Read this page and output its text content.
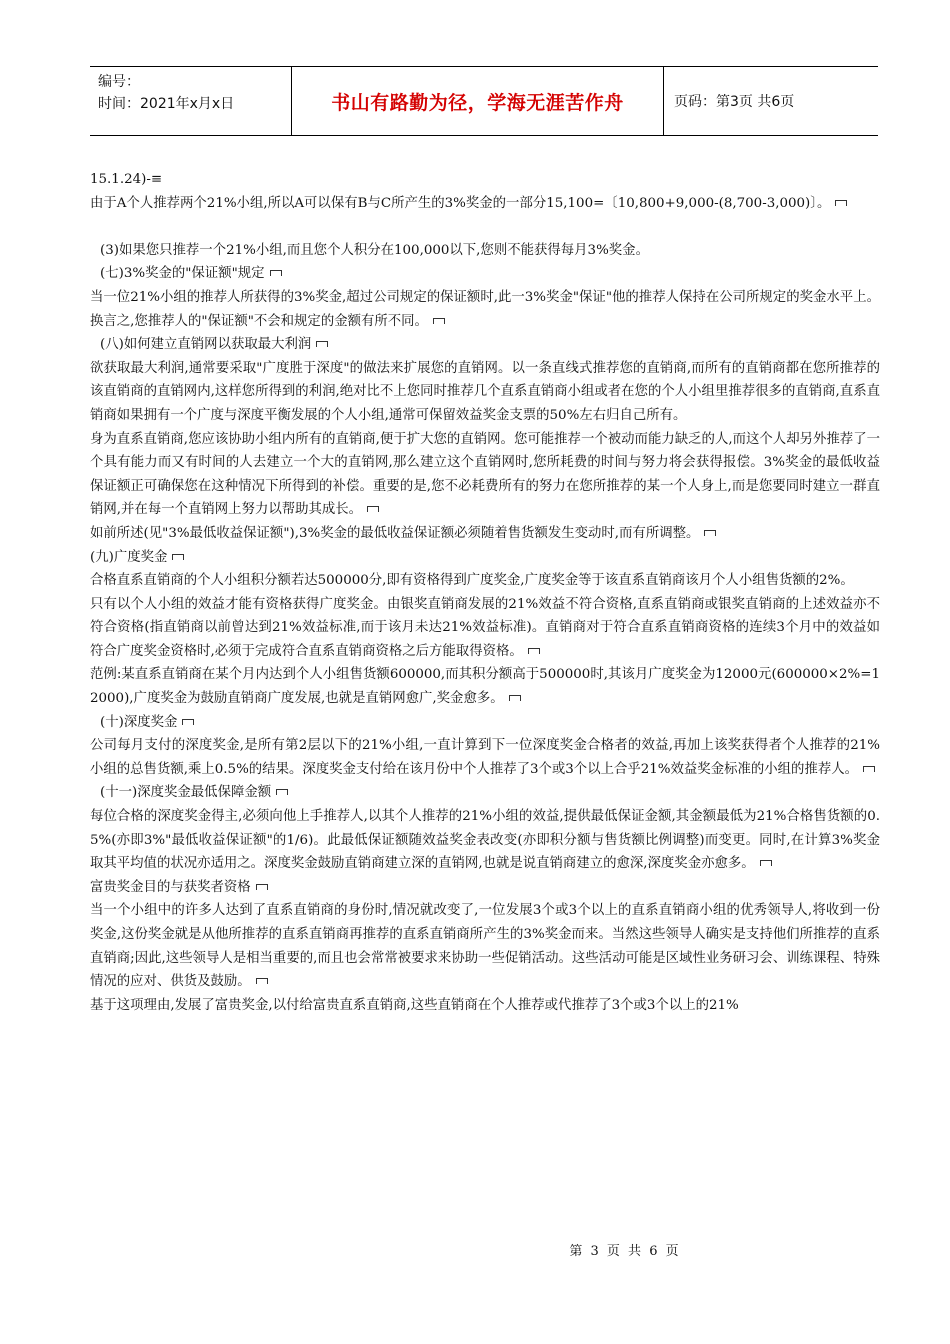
编号：
时间：2021年x月x日	书山有路勤为径，学海无涯苦作舟	页码：第3页 共6页

15.1.24)-≡

由于A个人推荐两个21%小组,所以A可以保有B与C所产生的3%奖金的一部分15,100=〔10,800+9,000-(8,700-3,000)〕。

(3)如果您只推荐一个21%小组,而且您个人积分在100,000以下,您则不能获得每月3%奖金。

(七)3%奖金的"保证额"规定

当一位21%小组的推荐人所获得的3%奖金,超过公司规定的保证额时,此一3%奖金"保证"他的推荐人保持在公司所规定的奖金水平上。换言之,您推荐人的"保证额"不会和规定的金额有所不同。

(八)如何建立直销网以获取最大利润

欲获取最大利润,通常要采取"广度胜于深度"的做法来扩展您的直销网。以一条直线式推荐您的直销商,而所有的直销商都在您所推荐的该直销商的直销网内,这样您所得到的利润,绝对比不上您同时推荐几个直系直销商小组或者在您的个人小组里推荐很多的直销商,直系直销商如果拥有一个广度与深度平衡发展的个人小组,通常可保留效益奖金支票的50%左右归自己所有。

身为直系直销商,您应该协助小组内所有的直销商,便于扩大您的直销网。您可能推荐一个被动而能力缺乏的人,而这个人却另外推荐了一个具有能力而又有时间的人去建立一个大的直销网,那么建立这个直销网时,您所耗费的时间与努力将会获得报偿。3%奖金的最低收益保证额正可确保您在这种情况下所得到的补偿。重要的是,您不必耗费所有的努力在您所推荐的某一个人身上,而是您要同时建立一群直销网,并在每一个直销网上努力以帮助其成长。

如前所述(见"3%最低收益保证额"),3%奖金的最低收益保证额必须随着售货额发生变动时,而有所调整。

(九)广度奖金

合格直系直销商的个人小组积分额若达500000分,即有资格得到广度奖金,广度奖金等于该直系直销商该月个人小组售货额的2%。

只有以个人小组的效益才能有资格获得广度奖金。由银奖直销商发展的21%效益不符合资格,直系直销商或银奖直销商的上述效益亦不符合资格(指直销商以前曾达到21%效益标准,而于该月未达21%效益标准)。直销商对于符合直系直销商资格的连续3个月中的效益如符合广度奖金资格时,必须于完成符合直系直销商资格之后方能取得资格。

范例:某直系直销商在某个月内达到个人小组售货额600000,而其积分额高于500000时,其该月广度奖金为12000元(600000×2%=12000),广度奖金为鼓励直销商广度发展,也就是直销网愈广,奖金愈多。

(十)深度奖金

公司每月支付的深度奖金,是所有第2层以下的21%小组,一直计算到下一位深度奖金合格者的效益,再加上该奖获得者个人推荐的21%小组的总售货额,乘上0.5%的结果。深度奖金支付给在该月份中个人推荐了3个或3个以上合乎21%效益奖金标准的小组的推荐人。

(十一)深度奖金最低保障金额

每位合格的深度奖金得主,必须向他上手推荐人,以其个人推荐的21%小组的效益,提供最低保证金额,其金额最低为21%合格售货额的0.5%(亦即3%"最低收益保证额"的1/6)。此最低保证额随效益奖金表改变(亦即积分额与售货额比例调整)而变更。同时,在计算3%奖金取其平均值的状况亦适用之。深度奖金鼓励直销商建立深的直销网,也就是说直销商建立的愈深,深度奖金亦愈多。

富贵奖金目的与获奖者资格

当一个小组中的许多人达到了直系直销商的身份时,情况就改变了,一位发展3个或3个以上的直系直销商小组的优秀领导人,将收到一份奖金,这份奖金就是从他所推荐的直系直销商再推荐的直系直销商所产生的3%奖金而来。当然这些领导人确实是支持他们所推荐的直系直销商;因此,这些领导人是相当重要的,而且也会常常被要求来协助一些促销活动。这些活动可能是区域性业务研习会、训练课程、特殊情况的应对、供货及鼓励。

基于这项理由,发展了富贵奖金,以付给富贵直系直销商,这些直销商在个人推荐或代推荐了3个或3个以上的21%

第 3 页 共 6 页
